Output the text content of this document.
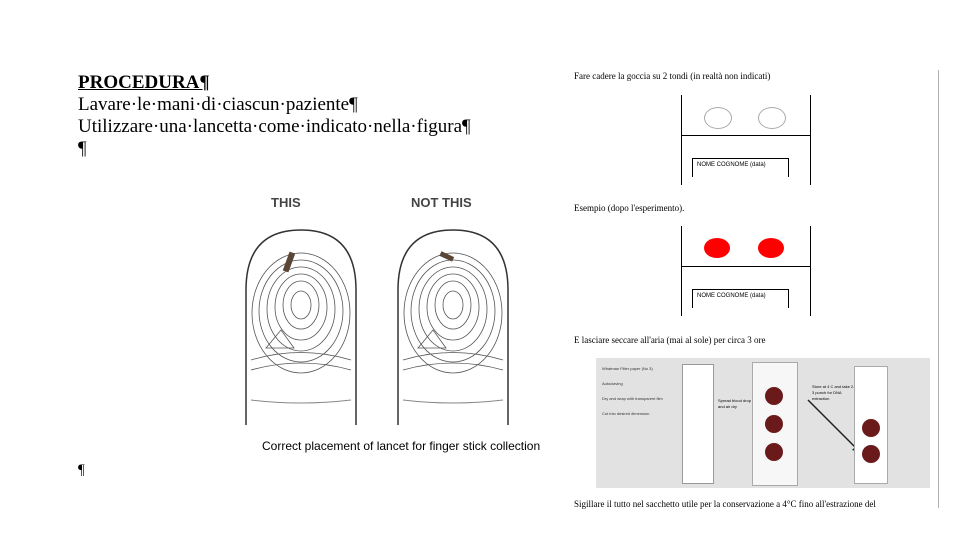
PROCEDURA¶
Lavare·le·mani·di·ciascun·paziente¶
Utilizzare·una·lancetta·come·indicato·nella·figura¶
¶
THIS	NOT THIS
Correct placement of lancet for finger stick collection
¶
Fare cadere la goccia su 2 tondi (in realtà non indicati)
NOME COGNOME (data)
Esempio (dopo l'esperimento).
NOME COGNOME (data)
E lasciare seccare all'aria (mai al sole) per circa 3 ore
Whatman Filter paper (No 3)
Autoclaving
Dry and wrap with transparent film
Cut into desired dimension
Spread blood drop and air dry
Store at 4 C and take 2-3 punch for DNA extraction
Sigillare il tutto nel sacchetto utile per la conservazione a 4°C fino all'estrazione del
